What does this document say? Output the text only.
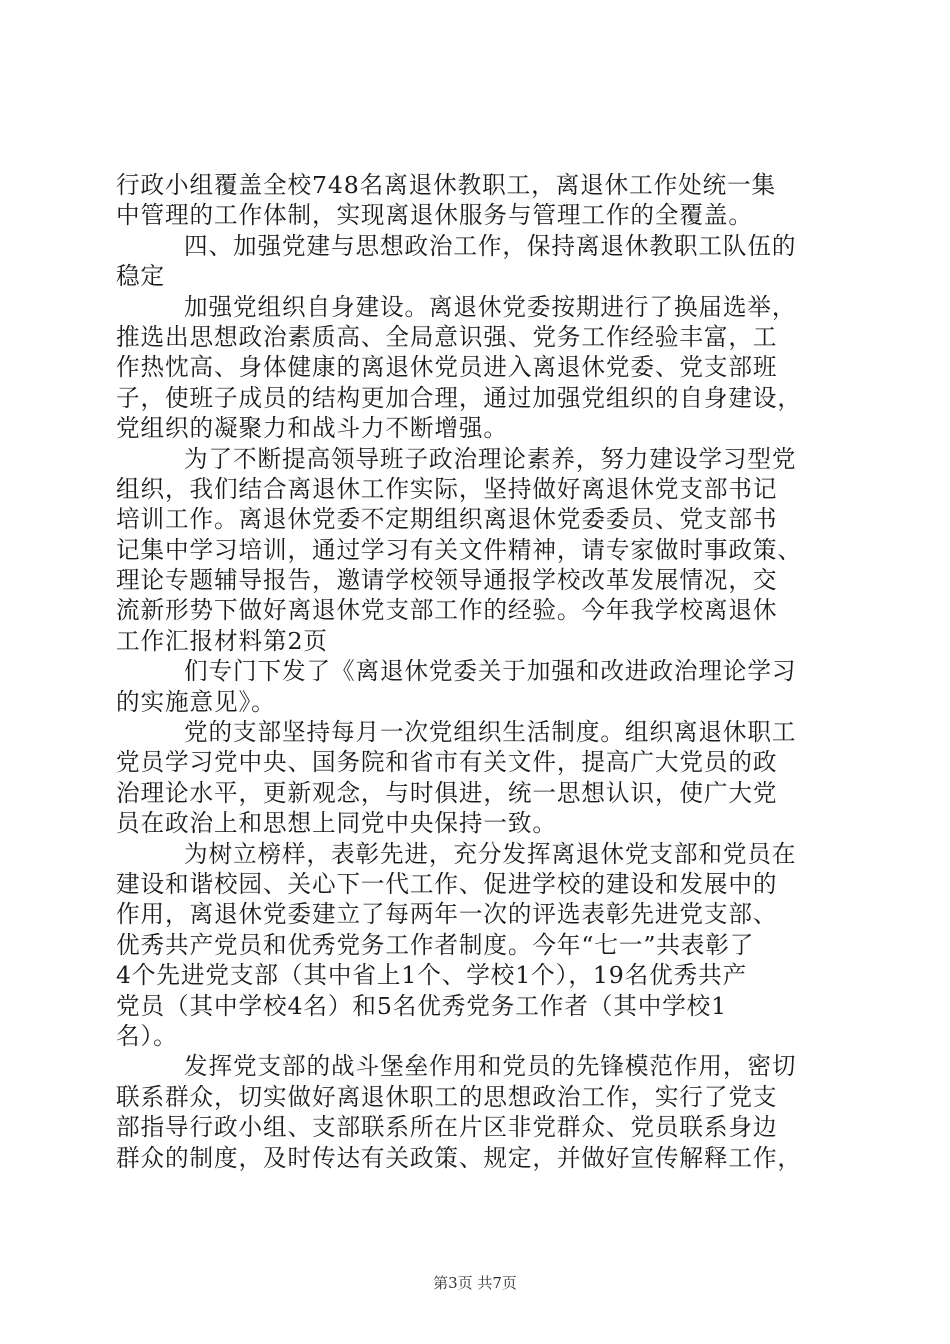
行政小组覆盖全校748名离退休教职工，离退休工作处统一集
中管理的工作体制，实现离退休服务与管理工作的全覆盖。
四、加强党建与思想政治工作，保持离退休教职工队伍的
稳定
加强党组织自身建设。离退休党委按期进行了换届选举，
推选出思想政治素质高、全局意识强、党务工作经验丰富，工
作热忱高、身体健康的离退休党员进入离退休党委、党支部班
子，使班子成员的结构更加合理，通过加强党组织的自身建设，
党组织的凝聚力和战斗力不断增强。
为了不断提高领导班子政治理论素养，努力建设学习型党
组织，我们结合离退休工作实际，坚持做好离退休党支部书记
培训工作。离退休党委不定期组织离退休党委委员、党支部书
记集中学习培训，通过学习有关文件精神，请专家做时事政策、
理论专题辅导报告，邀请学校领导通报学校改革发展情况，交
流新形势下做好离退休党支部工作的经验。今年我学校离退休
工作汇报材料第2页
们专门下发了《离退休党委关于加强和改进政治理论学习
的实施意见》。
党的支部坚持每月一次党组织生活制度。组织离退休职工
党员学习党中央、国务院和省市有关文件，提高广大党员的政
治理论水平，更新观念，与时俱进，统一思想认识，使广大党
员在政治上和思想上同党中央保持一致。
为树立榜样，表彰先进，充分发挥离退休党支部和党员在
建设和谐校园、关心下一代工作、促进学校的建设和发展中的
作用，离退休党委建立了每两年一次的评选表彰先进党支部、
优秀共产党员和优秀党务工作者制度。今年“七一”共表彰了
4个先进党支部（其中省上1个、学校1个），19名优秀共产
党员（其中学校4名）和5名优秀党务工作者（其中学校1
名）。
发挥党支部的战斗堡垒作用和党员的先锋模范作用，密切
联系群众，切实做好离退休职工的思想政治工作，实行了党支
部指导行政小组、支部联系所在片区非党群众、党员联系身边
群众的制度，及时传达有关政策、规定，并做好宣传解释工作，
第3页 共7页
